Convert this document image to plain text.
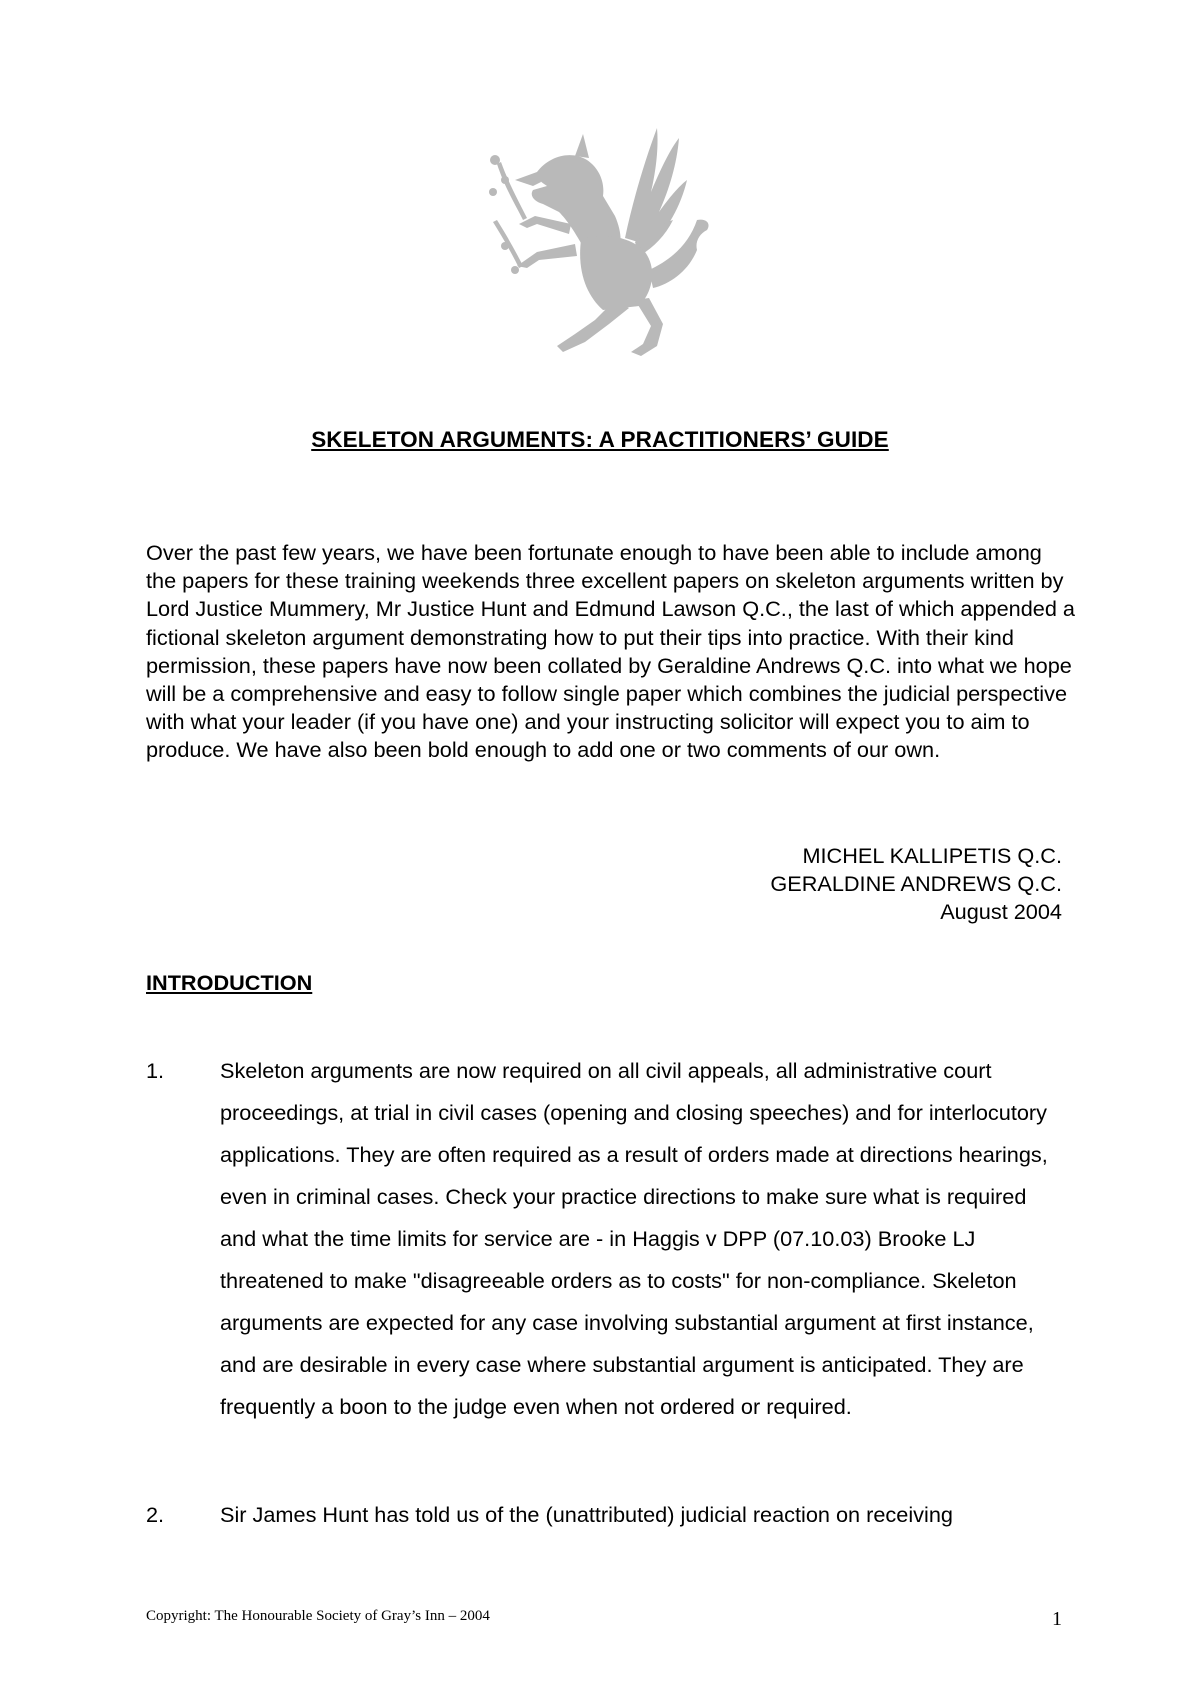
SKELETON ARGUMENTS: A PRACTITIONERS’ GUIDE
Over the past few years, we have been fortunate enough to have been able to include among the papers for these training weekends three excellent papers on skeleton arguments written by Lord Justice Mummery, Mr Justice Hunt and Edmund Lawson Q.C., the last of which appended a fictional skeleton argument demonstrating how to put their tips into practice. With their kind permission, these papers have now been collated by Geraldine Andrews Q.C. into what we hope will be a comprehensive and easy to follow single paper which combines the judicial perspective with what your leader (if you have one) and your instructing solicitor will expect you to aim to produce. We have also been bold enough to add one or two comments of our own.
MICHEL KALLIPETIS Q.C.
GERALDINE ANDREWS Q.C.
August 2004
INTRODUCTION
1.	Skeleton arguments are now required on all civil appeals, all administrative court proceedings, at trial in civil cases (opening and closing speeches) and for interlocutory applications. They are often required as a result of orders made at directions hearings, even in criminal cases. Check your practice directions to make sure what is required and what the time limits for service are - in Haggis v DPP (07.10.03) Brooke LJ threatened to make "disagreeable orders as to costs" for non-compliance. Skeleton arguments are expected for any case involving substantial argument at first instance, and are desirable in every case where substantial argument is anticipated. They are frequently a boon to the judge even when not ordered or required.
2.	Sir James Hunt has told us of the (unattributed) judicial reaction on receiving
Copyright: The Honourable Society of Gray’s Inn – 2004	1
